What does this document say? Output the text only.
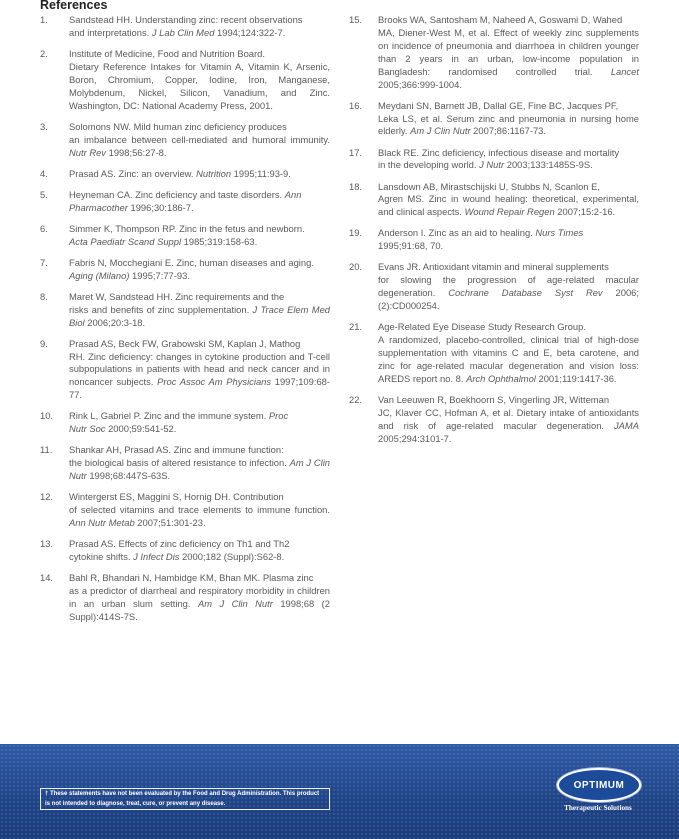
References
1. Sandstead HH. Understanding zinc: recent observations
and interpretations. J Lab Clin Med 1994;124:322-7.
2. Institute of Medicine, Food and Nutrition Board.
Dietary Reference Intakes for Vitamin A, Vitamin K, Arsenic, Boron, Chromium, Copper, Iodine, Iron, Manganese, Molybdenum, Nickel, Silicon, Vanadium, and Zinc. Washington, DC: National Academy Press, 2001.
3. Solomons NW. Mild human zinc deficiency produces
an imbalance between cell-mediated and humoral immunity. Nutr Rev 1998;56:27-8.
4. Prasad AS. Zinc: an overview. Nutrition 1995;11:93-9.
5. Heyneman CA. Zinc deficiency and taste disorders. Ann
Pharmacother 1996;30:186-7.
6. Simmer K, Thompson RP. Zinc in the fetus and newborn.
Acta Paediatr Scand Suppl 1985;319:158-63.
7. Fabris N, Mocchegiani E. Zinc, human diseases and aging.
Aging (Milano) 1995;7:77-93.
8. Maret W, Sandstead HH. Zinc requirements and the
risks and benefits of zinc supplementation. J Trace Elem Med Biol 2006;20:3-18.
9. Prasad AS, Beck FW, Grabowski SM, Kaplan J, Mathog
RH. Zinc deficiency: changes in cytokine production and T-cell subpopulations in patients with head and neck cancer and in noncancer subjects. Proc Assoc Am Physicians 1997;109:68-77.
10. Rink L, Gabriel P. Zinc and the immune system. Proc
Nutr Soc 2000;59:541-52.
11. Shankar AH, Prasad AS. Zinc and immune function:
the biological basis of altered resistance to infection. Am J Clin Nutr 1998;68:447S-63S.
12. Wintergerst ES, Maggini S, Hornig DH. Contribution
of selected vitamins and trace elements to immune function. Ann Nutr Metab 2007;51:301-23.
13. Prasad AS. Effects of zinc deficiency on Th1 and Th2
cytokine shifts. J Infect Dis 2000;182 (Suppl):S62-8.
14. Bahl R, Bhandari N, Hambidge KM, Bhan MK. Plasma zinc
as a predictor of diarrheal and respiratory morbidity in children in an urban slum setting. Am J Clin Nutr 1998;68 (2 Suppl):414S-7S.
15. Brooks WA, Santosham M, Naheed A, Goswami D, Wahed
MA, Diener-West M, et al. Effect of weekly zinc supplements on incidence of pneumonia and diarrhoea in children younger than 2 years in an urban, low-income population in Bangladesh: randomised controlled trial. Lancet 2005;366:999-1004.
16. Meydani SN, Barnett JB, Dallal GE, Fine BC, Jacques PF,
Leka LS, et al. Serum zinc and pneumonia in nursing home elderly. Am J Clin Nutr 2007;86:1167-73.
17. Black RE. Zinc deficiency, infectious disease and mortality
in the developing world. J Nutr 2003;133:1485S-9S.
18. Lansdown AB, Mirastschijski U, Stubbs N, Scanlon E,
Agren MS. Zinc in wound healing: theoretical, experimental, and clinical aspects. Wound Repair Regen 2007;15:2-16.
19. Anderson I. Zinc as an aid to healing. Nurs Times
1995;91:68, 70.
20. Evans JR. Antioxidant vitamin and mineral supplements
for slowing the progression of age-related macular degeneration. Cochrane Database Syst Rev 2006;(2):CD000254.
21. Age-Related Eye Disease Study Research Group.
A randomized, placebo-controlled, clinical trial of high-dose supplementation with vitamins C and E, beta carotene, and zinc for age-related macular degeneration and vision loss: AREDS report no. 8. Arch Ophthalmol 2001;119:1417-36.
22. Van Leeuwen R, Boekhoorn S, Vingerling JR, Witteman
JC, Klaver CC, Hofman A, et al. Dietary intake of antioxidants and risk of age-related macular degeneration. JAMA 2005;294:3101-7.
† These statements have not been evaluated by the Food and Drug Administration. This product is not intended to diagnose, treat, cure, or prevent any disease.
OPTIMUM
Therapeutic Solutions
